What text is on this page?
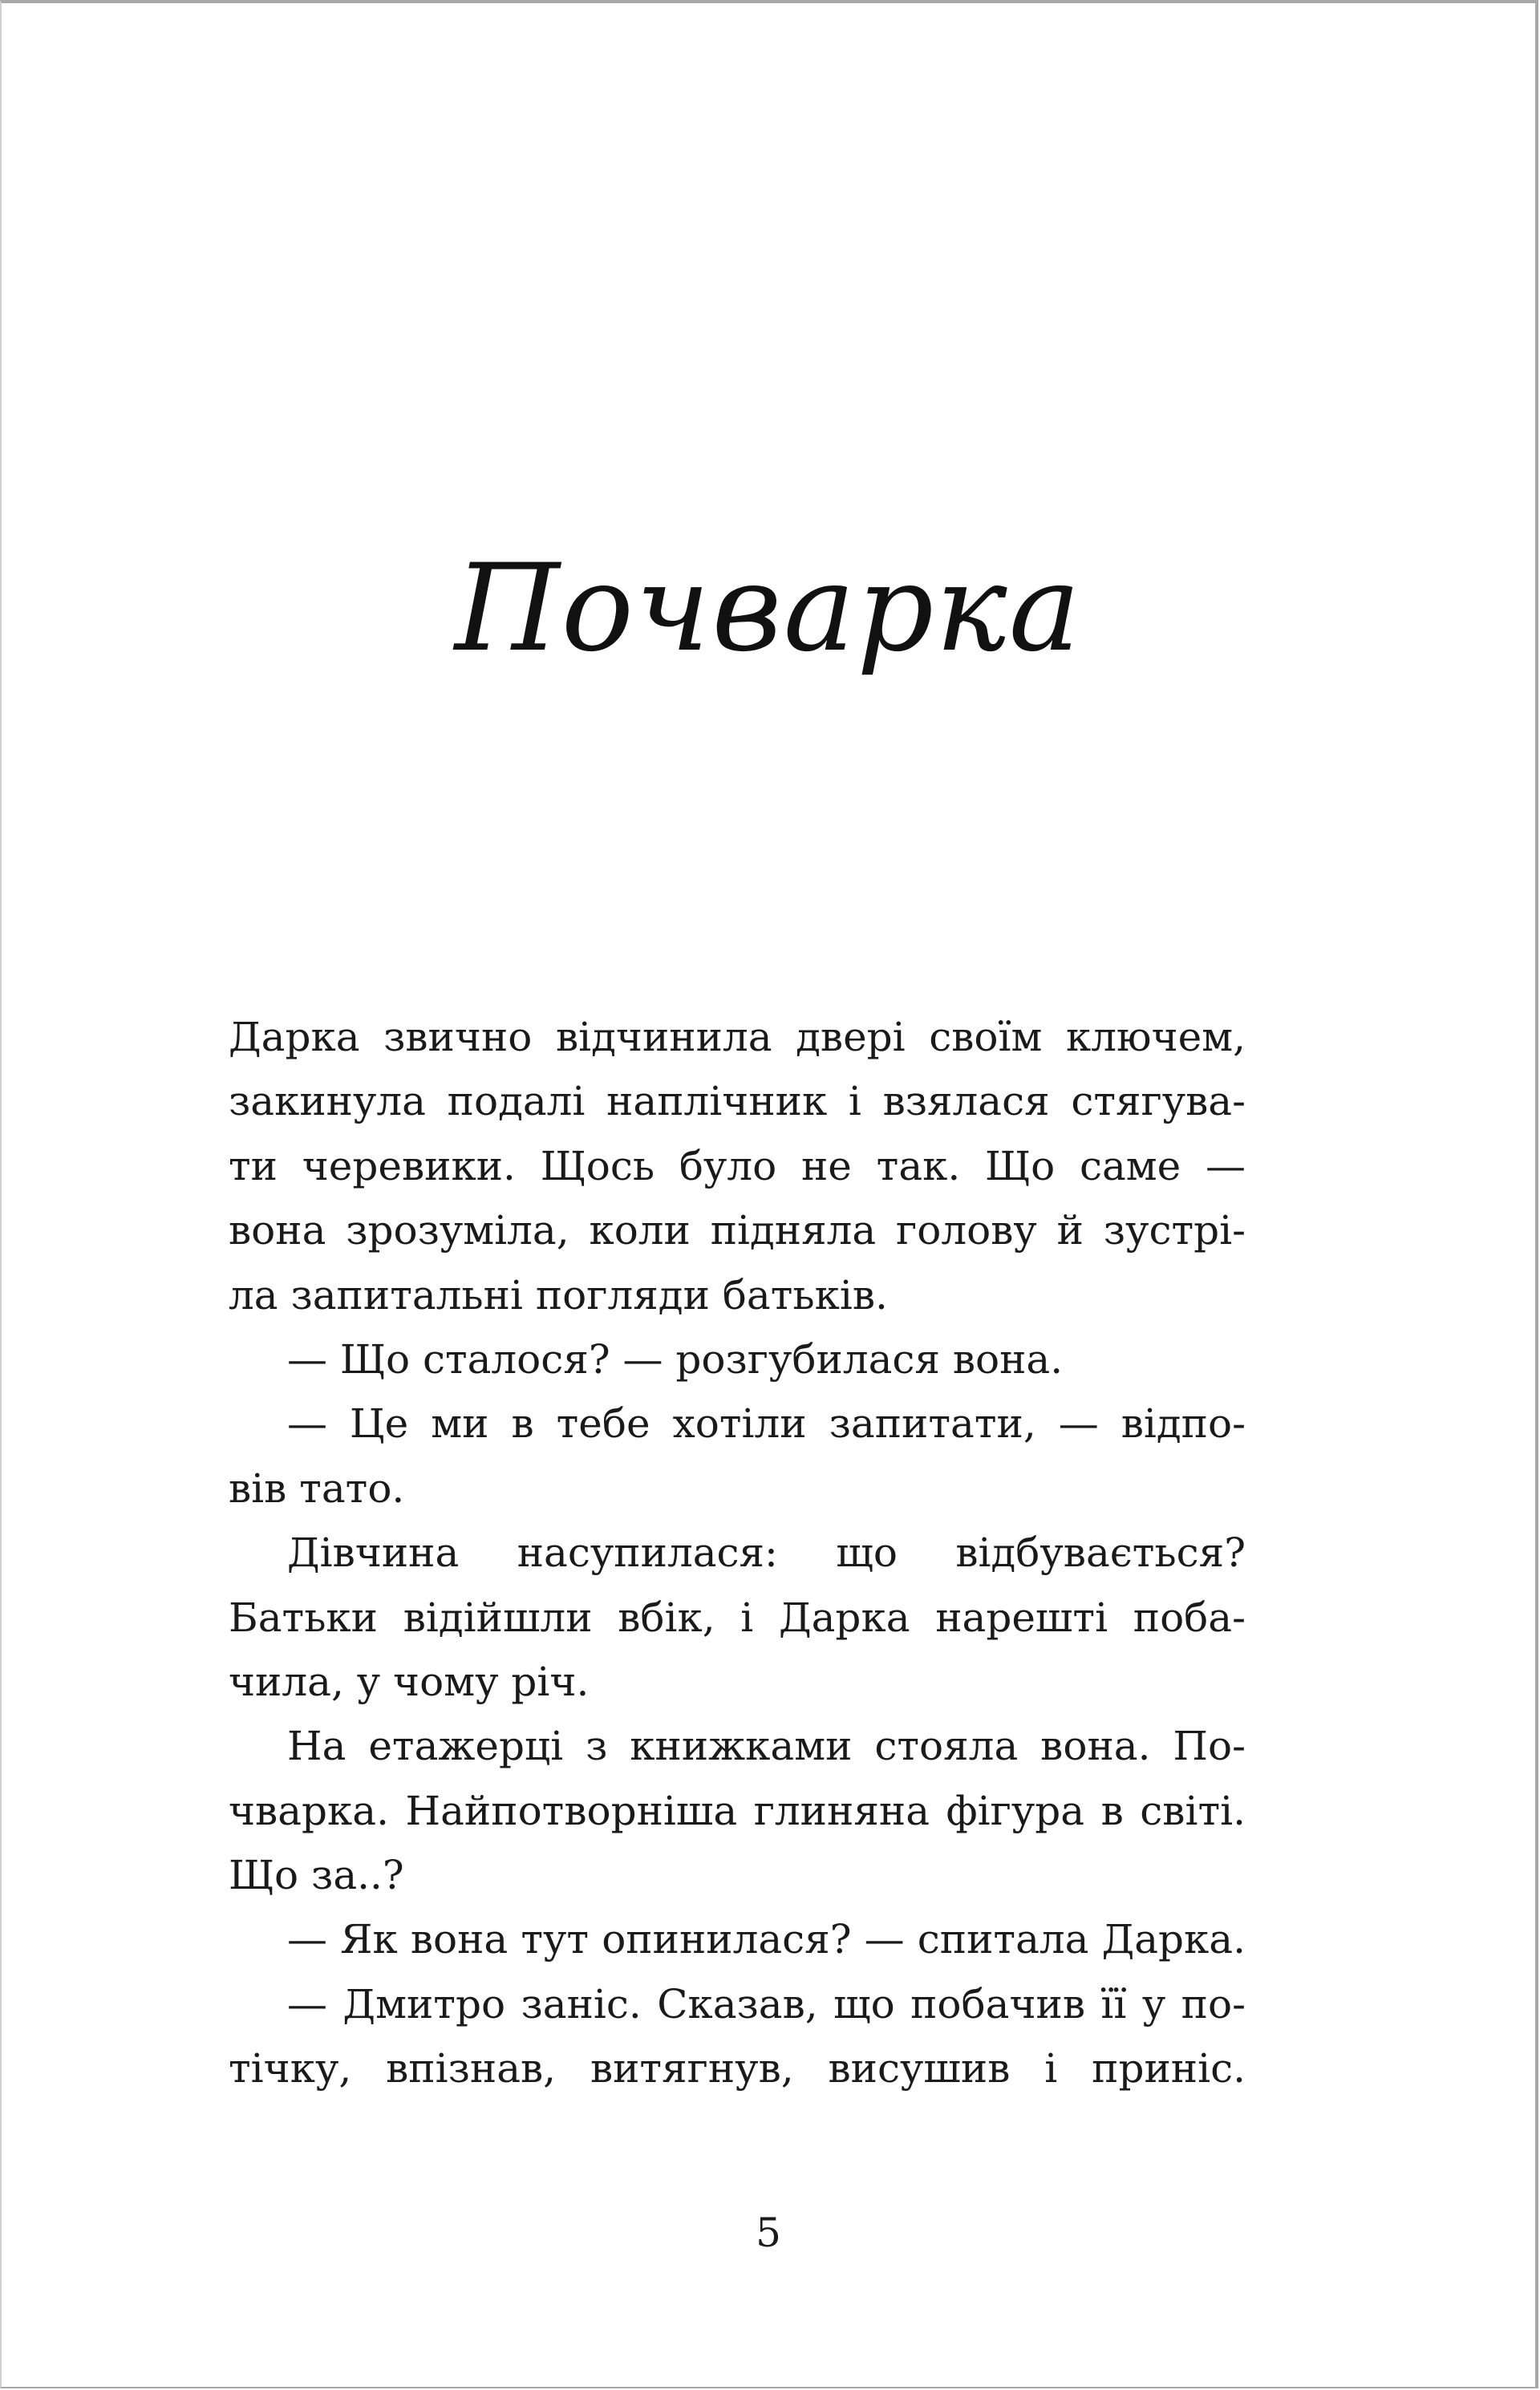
Почварка
Дарка звично відчинила двері своїм ключем,
закинула подалі наплічник і взялася стягува-
ти черевики. Щось було не так. Що саме —
вона зрозуміла, коли підняла голову й зустрі-
ла запитальні погляди батьків.
— Що сталося? — розгубилася вона.
— Це ми в тебе хотіли запитати, — відпо-
вів тато.
Дівчина насупилася: що відбувається?
Батьки відійшли вбік, і Дарка нарешті поба-
чила, у чому річ.
На етажерці з книжками стояла вона. По-
чварка. Найпотворніша глиняна фігура в світі.
Що за..?
— Як вона тут опинилася? — спитала Дарка.
— Дмитро заніс. Сказав, що побачив її у по-
тічку, впізнав, витягнув, висушив і приніс.
5
